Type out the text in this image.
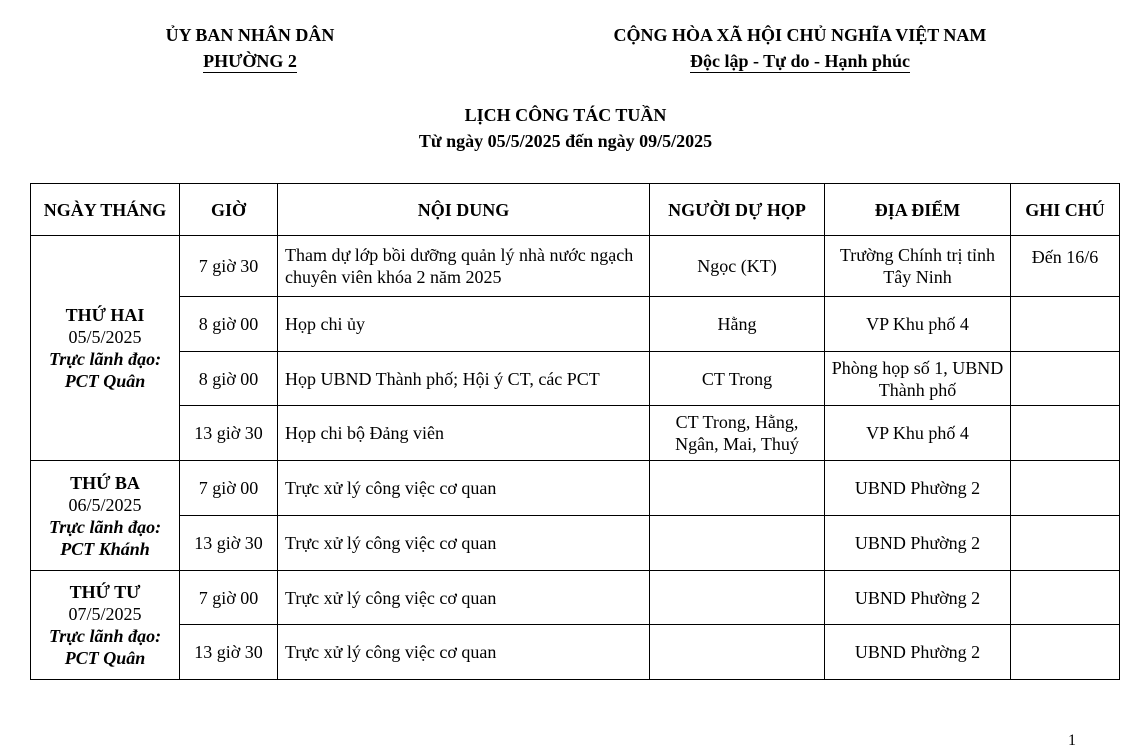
ỦY BAN NHÂN DÂN
PHƯỜNG 2
CỘNG HÒA XÃ HỘI CHỦ NGHĨA VIỆT NAM
Độc lập - Tự do - Hạnh phúc
LỊCH CÔNG TÁC TUẦN
Từ ngày 05/5/2025 đến ngày 09/5/2025
NGÀY THÁNG	GIỜ	NỘI DUNG	NGƯỜI DỰ HỌP	ĐỊA ĐIỂM	GHI CHÚ

THỨ HAI
05/5/2025
Trực lãnh đạo:
PCT Quân	7 giờ 30	Tham dự lớp bồi dưỡng quản lý nhà nước ngạch chuyên viên khóa 2 năm 2025	Ngọc (KT)	Trường Chính trị tỉnh Tây Ninh	Đến 16/6
	8 giờ 00	Họp chi ủy	Hằng	VP Khu phố 4	
	8 giờ 00	Họp UBND Thành phố; Hội ý CT, các PCT	CT Trong	Phòng họp số 1, UBND Thành phố	
	13 giờ 30	Họp chi bộ Đảng viên	CT Trong, Hằng, Ngân, Mai, Thuý	VP Khu phố 4	

THỨ BA
06/5/2025
Trực lãnh đạo:
PCT Khánh	7 giờ 00	Trực xử lý công việc cơ quan		UBND Phường 2	
	13 giờ 30	Trực xử lý công việc cơ quan		UBND Phường 2	

THỨ TƯ
07/5/2025
Trực lãnh đạo:
PCT Quân	7 giờ 00	Trực xử lý công việc cơ quan		UBND Phường 2	
	13 giờ 30	Trực xử lý công việc cơ quan		UBND Phường 2	
1
